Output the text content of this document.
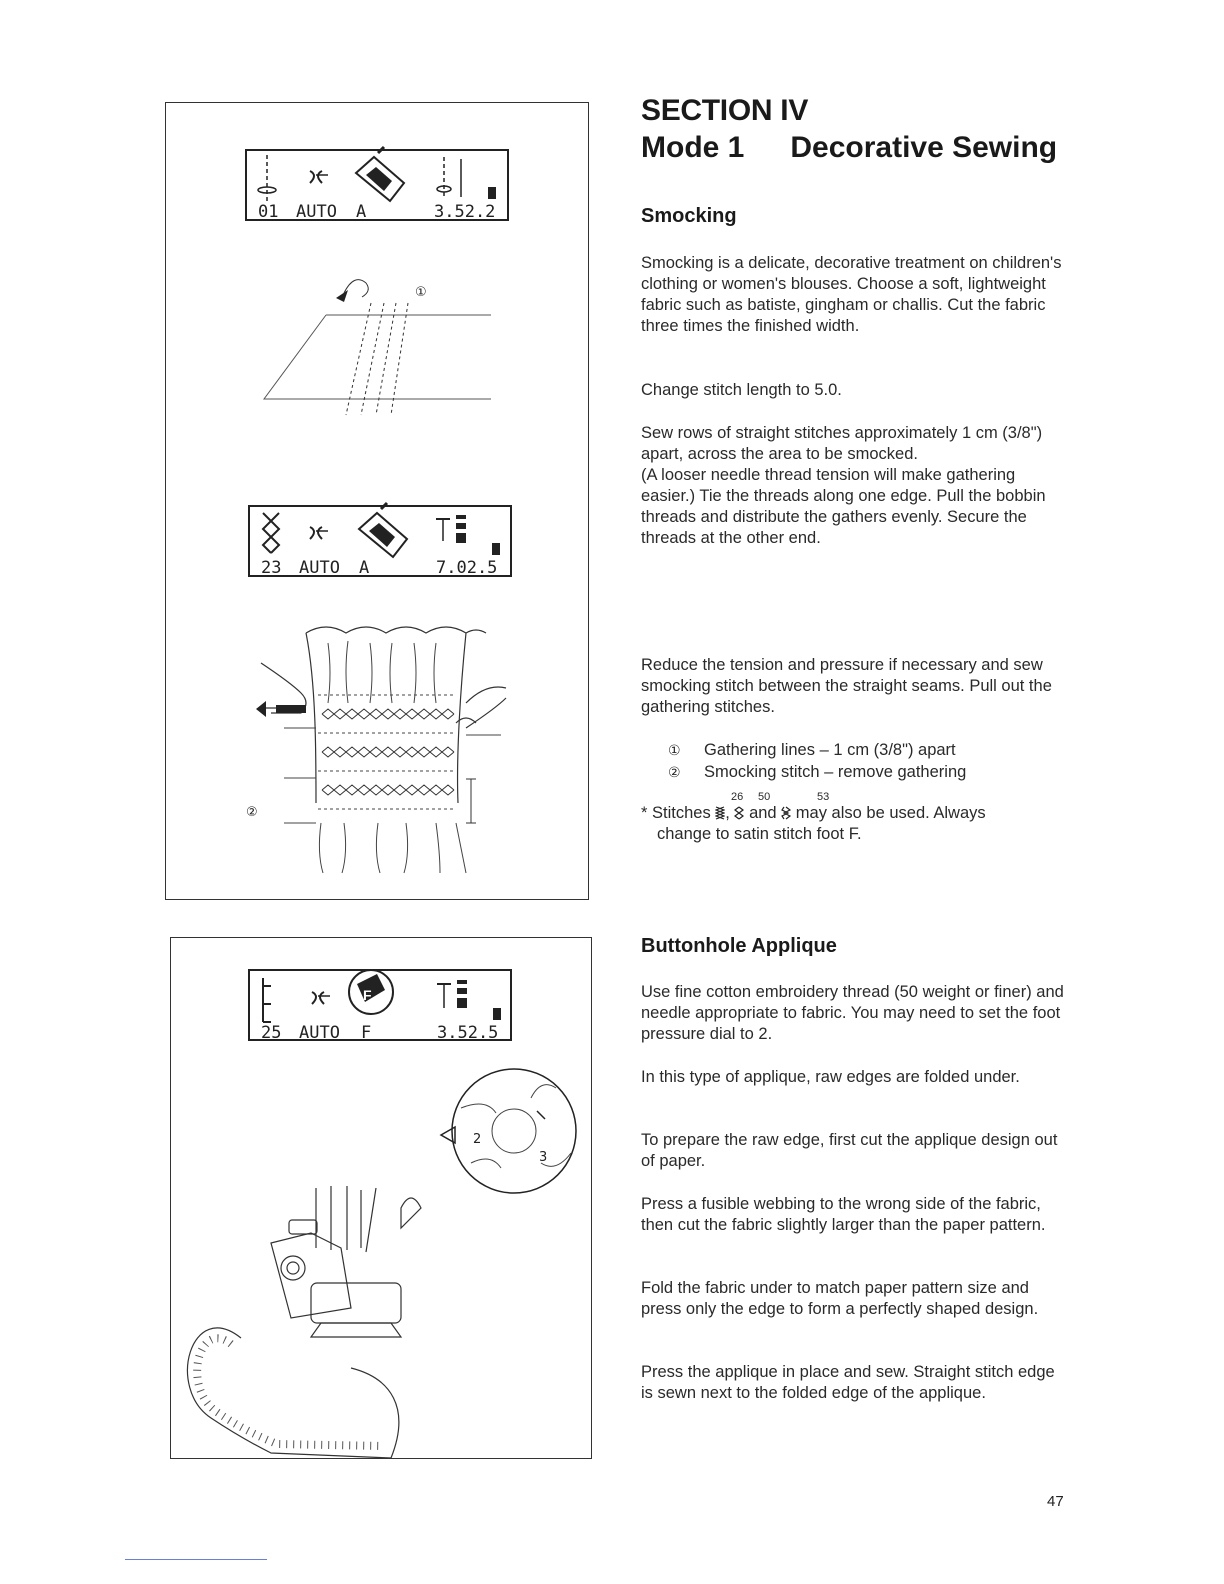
01 AUTO A	3.52.2
①
23 AUTO A	7.02.5
②
F
25 AUTO F	3.52.5
2
3
SECTION IV
Mode 1 Decorative Sewing
Smocking

Smocking is a delicate, decorative treatment on children's clothing or women's blouses. Choose a soft, lightweight fabric such as batiste, gingham or challis. Cut the fabric three times the finished width.

Change stitch length to 5.0.

Sew rows of straight stitches approximately 1 cm (3/8") apart, across the area to be smocked.

(A looser needle thread tension will make gathering easier.) Tie the threads along one edge. Pull the bobbin threads and distribute the gathers evenly. Secure the threads at the other end.

Reduce the tension and pressure if necessary and sew smocking stitch between the straight seams. Pull out the gathering stitches.

① Gathering lines – 1 cm (3/8") apart
② Smocking stitch – remove gathering
26 50	53
* Stitches , and may also be used. Always
change to satin stitch foot F.
Buttonhole Applique

Use fine cotton embroidery thread (50 weight or finer) and needle appropriate to fabric. You may need to set the foot pressure dial to 2.

In this type of applique, raw edges are folded under.

To prepare the raw edge, first cut the applique design out of paper.

Press a fusible webbing to the wrong side of the fabric, then cut the fabric slightly larger than the paper pattern.

Fold the fabric under to match paper pattern size and press only the edge to form a perfectly shaped design.

Press the applique in place and sew. Straight stitch edge is sewn next to the folded edge of the applique.

47
